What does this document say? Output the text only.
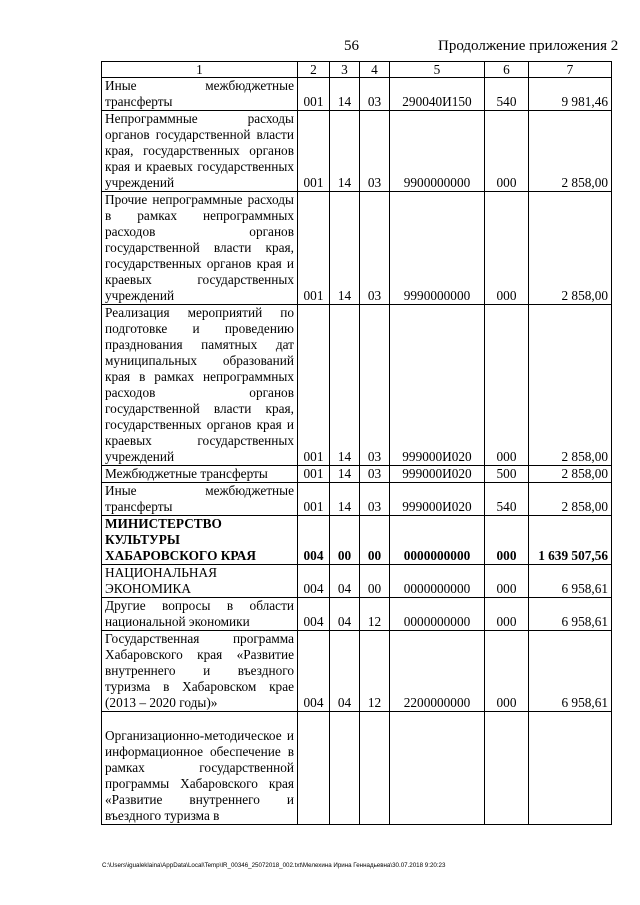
56	Продолжение приложения 2
1	2	3	4	5	6	7
Иные межбюджетные трансферты	001	14	03	290040И150	540	9 981,46
Непрограммные расходы органов государственной власти края, государственных органов края и краевых государственных учреждений	001	14	03	9900000000	000	2 858,00
Прочие непрограммные расходы в рамках непрограммных расходов органов государственной власти края, государственных органов края и краевых государственных учреждений	001	14	03	9990000000	000	2 858,00
Реализация мероприятий по подготовке и проведению празднования памятных дат муниципальных образований края в рамках непрограммных расходов органов государственной власти края, государственных органов края и краевых государственных учреждений	001	14	03	999000И020	000	2 858,00
Межбюджетные трансферты	001	14	03	999000И020	500	2 858,00
Иные межбюджетные трансферты	001	14	03	999000И020	540	2 858,00
МИНИСТЕРСТВО КУЛЬТУРЫ ХАБАРОВСКОГО КРАЯ	004	00	00	0000000000	000	1 639 507,56
НАЦИОНАЛЬНАЯ ЭКОНОМИКА	004	04	00	0000000000	000	6 958,61
Другие вопросы в области национальной экономики	004	04	12	0000000000	000	6 958,61
Государственная программа Хабаровского края «Развитие внутреннего и въездного туризма в Хабаровском крае (2013 – 2020 годы)»	004	04	12	2200000000	000	6 958,61
Организационно-методическое и информационное обеспечение в рамках государственной программы Хабаровского края «Развитие внутреннего и въездного туризма в						
C:\Users\igualeklaina\AppData\Local\Temp\IR_00346_25072018_002.txt\Мелехина Ирина Геннадьевна\30.07.2018 9:20:23
